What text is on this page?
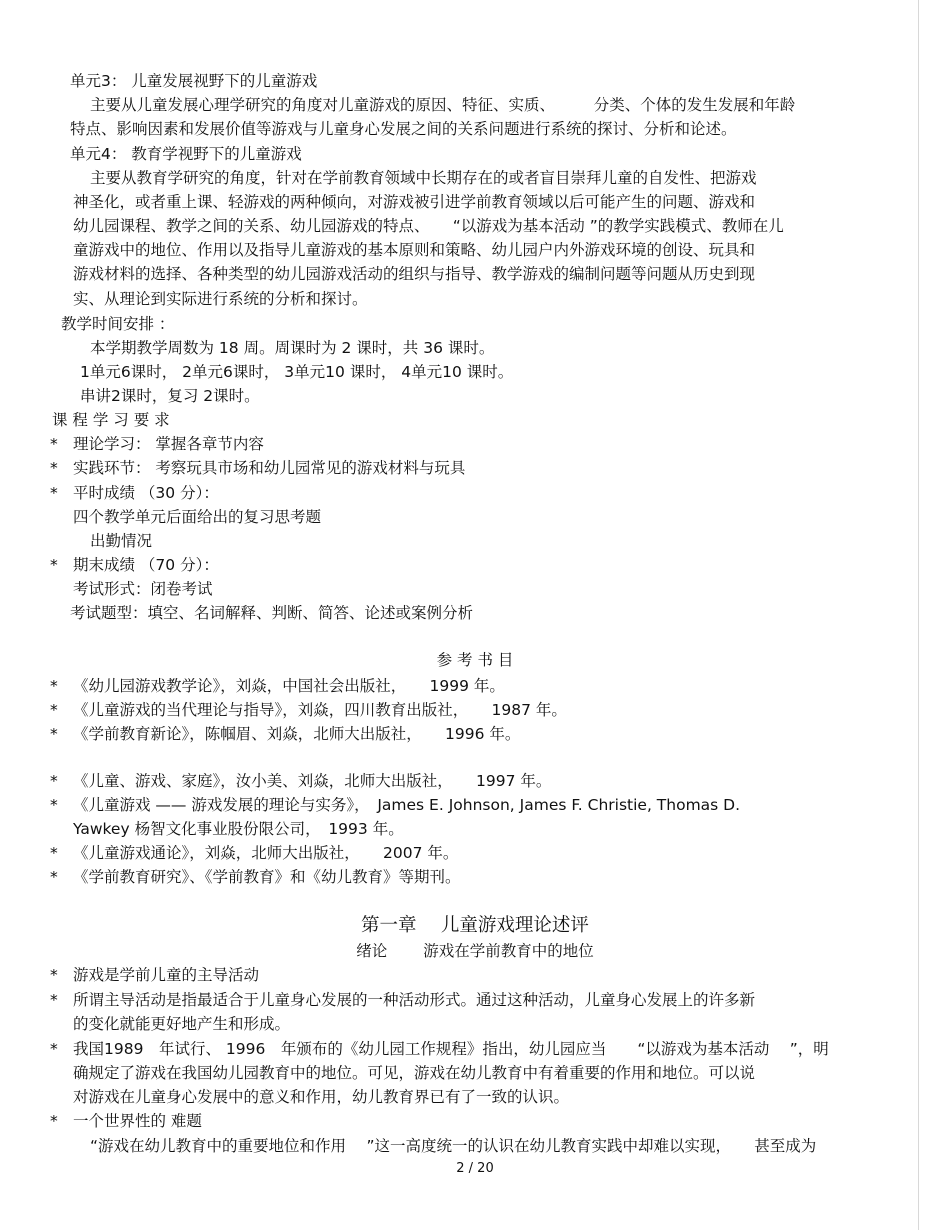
单元3： 儿童发展视野下的儿童游戏
主要从儿童发展心理学研究的角度对儿童游戏的原因、特征、实质、　　　分类、个体的发生发展和年龄
特点、影响因素和发展价值等游戏与儿童身心发展之间的关系问题进行系统的探讨、分析和论述。
单元4： 教育学视野下的儿童游戏
主要从教育学研究的角度，针对在学前教育领域中长期存在的或者盲目崇拜儿童的自发性、把游戏
神圣化，或者重上课、轻游戏的两种倾向，对游戏被引进学前教育领域以后可能产生的问题、游戏和
幼儿园课程、教学之间的关系、幼儿园游戏的特点、　　“以游戏为基本活动 ”的教学实践模式、教师在儿
童游戏中的地位、作用以及指导儿童游戏的基本原则和策略、幼儿园户内外游戏环境的创设、玩具和
游戏材料的选择、各种类型的幼儿园游戏活动的组织与指导、教学游戏的编制问题等问题从历史到现
实、从理论到实际进行系统的分析和探讨。
教学时间安排 ：
本学期教学周数为 18 周。周课时为 2 课时，共 36 课时。
1单元6课时， 2单元6课时， 3单元10 课时， 4单元10 课时。
串讲2课时，复习 2课时。
课 程 学 习 要 求
* 理论学习： 掌握各章节内容
* 实践环节： 考察玩具市场和幼儿园常见的游戏材料与玩具
* 平时成绩 （30 分）：
四个教学单元后面给出的复习思考题
出勤情况
* 期末成绩 （70 分）：
考试形式：闭卷考试
考试题型：填空、名词解释、判断、简答、论述或案例分析
参 考 书 目
* 《幼儿园游戏教学论》，刘焱，中国社会出版社，　　1999 年。
* 《儿童游戏的当代理论与指导》，刘焱，四川教育出版社，　　1987 年。
* 《学前教育新论》，陈帼眉、刘焱，北师大出版社，　　1996 年。
* 《儿童、游戏、家庭》，汝小美、刘焱，北师大出版社，　　1997 年。
* 《儿童游戏 —— 游戏发展的理论与实务》，　James E. Johnson, James F. Christie, Thomas D.
Yawkey 杨智文化事业股份限公司，　1993 年。
* 《儿童游戏通论》，刘焱，北师大出版社，　　2007 年。
* 《学前教育研究》、《学前教育》和《幼儿教育》等期刊。
第一章　 儿童游戏理论述评
绪论　　 游戏在学前教育中的地位
* 游戏是学前儿童的主导活动
* 所谓主导活动是指最适合于儿童身心发展的一种活动形式。通过这种活动，儿童身心发展上的许多新
的变化就能更好地产生和形成。
* 我国1989　年试行、 1996　年颁布的《幼儿园工作规程》指出，幼儿园应当　　“以游戏为基本活动　 ”，明
确规定了游戏在我国幼儿园教育中的地位。可见，游戏在幼儿教育中有着重要的作用和地位。可以说
对游戏在儿童身心发展中的意义和作用，幼儿教育界已有了一致的认识。
* 一个世界性的 难题
“游戏在幼儿教育中的重要地位和作用　 ”这一高度统一的认识在幼儿教育实践中却难以实现，　　甚至成为
2 / 20
